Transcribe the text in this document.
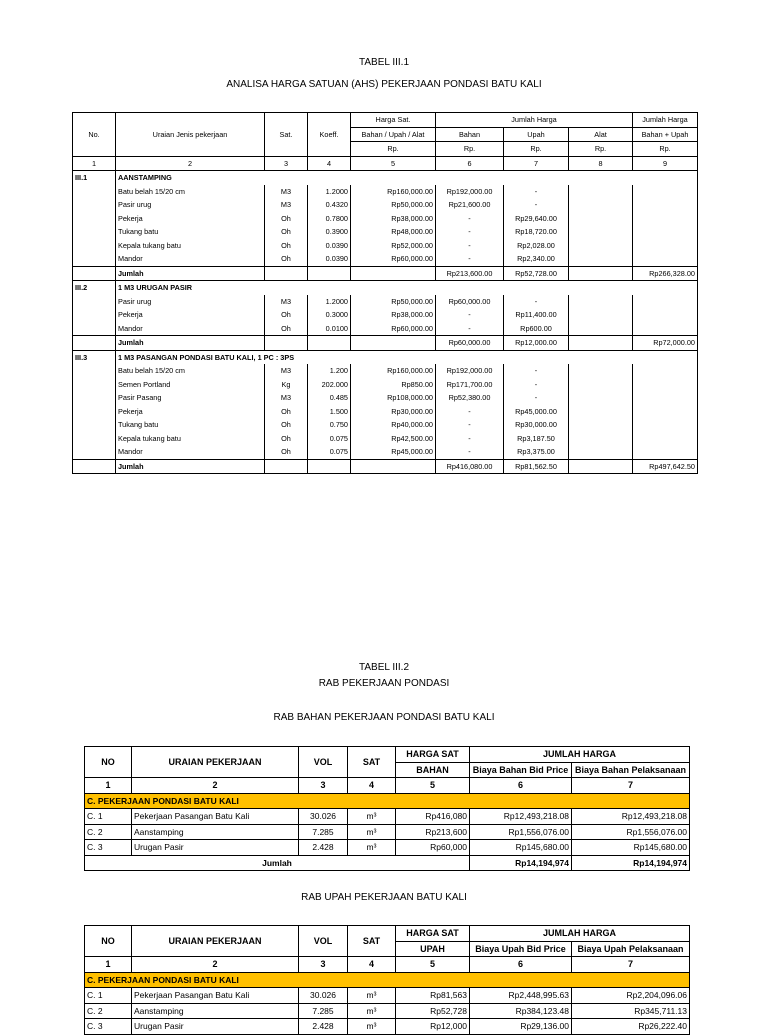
TABEL III.1
ANALISA HARGA SATUAN (AHS) PEKERJAAN PONDASI BATU KALI
No.	Uraian Jenis pekerjaan	Sat.	Koeff.	Harga Sat.	Jumlah Harga			Jumlah Harga
				Bahan / Upah / Alat	Bahan	Upah	Alat	Bahan + Upah
				Rp.	Rp.	Rp.	Rp.	Rp.
1	2	3	4	5	6	7	8	9
III.1	AANSTAMPING							
	Batu belah 15/20 cm	M3	1.2000	Rp160,000.00	Rp192,000.00	-		
	Pasir urug	M3	0.4320	Rp50,000.00	Rp21,600.00	-		
	Pekerja	Oh	0.7800	Rp38,000.00	-	Rp29,640.00		
	Tukang batu	Oh	0.3900	Rp48,000.00	-	Rp18,720.00		
	Kepala tukang batu	Oh	0.0390	Rp52,000.00	-	Rp2,028.00		
	Mandor	Oh	0.0390	Rp60,000.00	-	Rp2,340.00		
	Jumlah				Rp213,600.00	Rp52,728.00		Rp266,328.00
III.2	1 M3 URUGAN PASIR							
	Pasir urug	M3	1.2000	Rp50,000.00	Rp60,000.00	-		
	Pekerja	Oh	0.3000	Rp38,000.00	-	Rp11,400.00		
	Mandor	Oh	0.0100	Rp60,000.00	-	Rp600.00		
	Jumlah				Rp60,000.00	Rp12,000.00		Rp72,000.00
III.3	1 M3 PASANGAN PONDASI BATU KALI, 1 PC : 3PS							
	Batu belah 15/20 cm	M3	1.200	Rp160,000.00	Rp192,000.00	-		
	Semen Portland	Kg	202.000	Rp850.00	Rp171,700.00	-		
	Pasir Pasang	M3	0.485	Rp108,000.00	Rp52,380.00	-		
	Pekerja	Oh	1.500	Rp30,000.00	-	Rp45,000.00		
	Tukang batu	Oh	0.750	Rp40,000.00	-	Rp30,000.00		
	Kepala tukang batu	Oh	0.075	Rp42,500.00	-	Rp3,187.50		
	Mandor	Oh	0.075	Rp45,000.00	-	Rp3,375.00		
	Jumlah				Rp416,080.00	Rp81,562.50		Rp497,642.50
TABEL III.2
RAB PEKERJAAN PONDASI
RAB BAHAN PEKERJAAN PONDASI BATU KALI
NO	URAIAN PEKERJAAN	VOL	SAT	HARGA SAT	JUMLAH HARGA	
				BAHAN	Biaya Bahan Bid Price	Biaya Bahan Pelaksanaan
1	2	3	4	5	6	7
C. PEKERJAAN PONDASI BATU KALI						
C. 1	Pekerjaan Pasangan Batu Kali	30.026	m³	Rp416,080	Rp12,493,218.08	Rp12,493,218.08
C. 2	Aanstamping	7.285	m³	Rp213,600	Rp1,556,076.00	Rp1,556,076.00
C. 3	Urugan Pasir	2.428	m³	Rp60,000	Rp145,680.00	Rp145,680.00
Jumlah					Rp14,194,974	Rp14,194,974
RAB UPAH PEKERJAAN BATU KALI
NO	URAIAN PEKERJAAN	VOL	SAT	HARGA SAT	JUMLAH HARGA	
				UPAH	Biaya Upah Bid Price	Biaya Upah Pelaksanaan
1	2	3	4	5	6	7
C. PEKERJAAN PONDASI BATU KALI						
C. 1	Pekerjaan Pasangan Batu Kali	30.026	m³	Rp81,563	Rp2,448,995.63	Rp2,204,096.06
C. 2	Aanstamping	7.285	m³	Rp52,728	Rp384,123.48	Rp345,711.13
C. 3	Urugan Pasir	2.428	m³	Rp12,000	Rp29,136.00	Rp26,222.40
